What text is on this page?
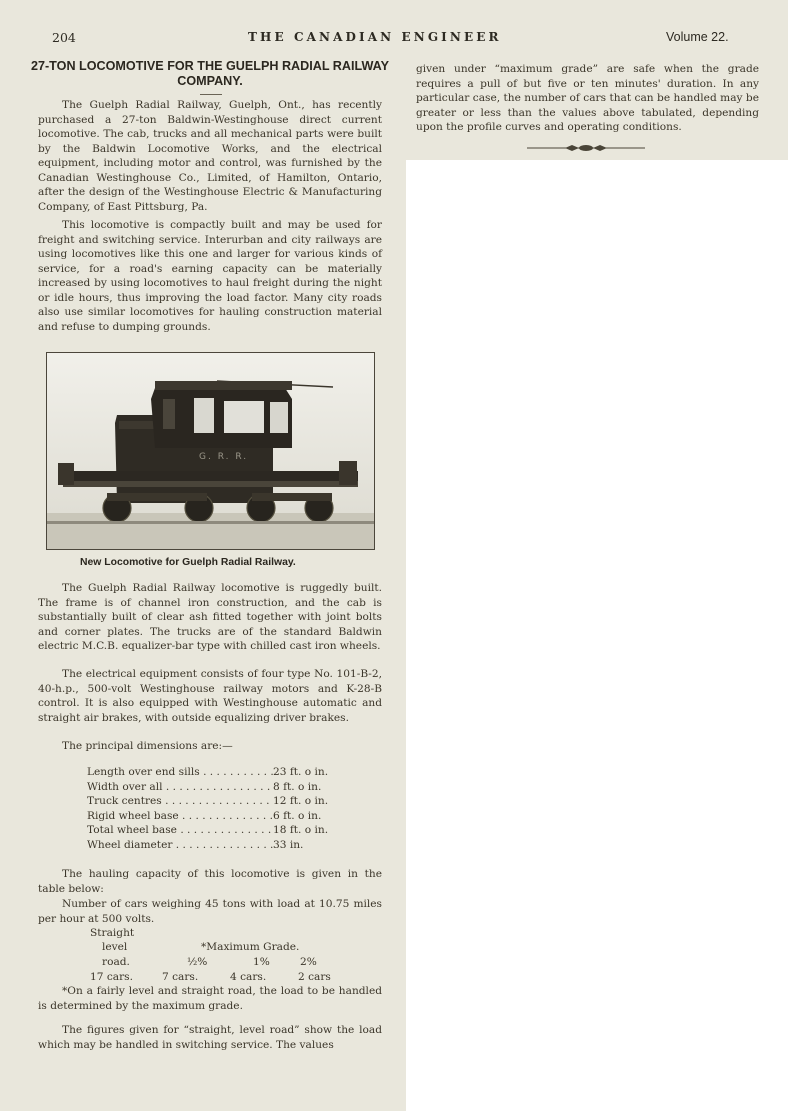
204	THE CANADIAN ENGINEER	Volume 22.
27-TON LOCOMOTIVE FOR THE GUELPH RADIAL RAILWAY COMPANY.
The Guelph Radial Railway, Guelph, Ont., has recently purchased a 27-ton Baldwin-Westinghouse direct current locomotive. The cab, trucks and all mechanical parts were built by the Baldwin Locomotive Works, and the electrical equipment, including motor and control, was furnished by the Canadian Westinghouse Co., Limited, of Hamilton, Ontario, after the design of the Westinghouse Electric & Manufacturing Company, of East Pittsburg, Pa.
This locomotive is compactly built and may be used for freight and switching service. Interurban and city railways are using locomotives like this one and larger for various kinds of service, for a road's earning capacity can be materially increased by using locomotives to haul freight during the night or idle hours, thus improving the load factor. Many city roads also use similar locomotives for hauling construction material and refuse to dumping grounds.
G. R. R.
New Locomotive for Guelph Radial Railway.
The Guelph Radial Railway locomotive is ruggedly built. The frame is of channel iron construction, and the cab is substantially built of clear ash fitted together with joint bolts and corner plates. The trucks are of the standard Baldwin electric M.C.B. equalizer-bar type with chilled cast iron wheels.
The electrical equipment consists of four type No. 101-B-2, 40-h.p., 500-volt Westinghouse railway motors and K-28-B control. It is also equipped with Westinghouse automatic and straight air brakes, with outside equalizing driver brakes.
The principal dimensions are:—
Length over end sills . . .	23 ft. o in.
Width over all . . .	8 ft. o in.
Truck centres . . .	12 ft. o in.
Rigid wheel base . . .	6 ft. o in.
Total wheel base . . .	18 ft. o in.
Wheel diameter . . .	33 in.
The hauling capacity of this locomotive is given in the table below:
Number of cars weighing 45 tons with load at 10.75 miles per hour at 500 volts.
Straight
level	*Maximum Grade.
road.	½%	1%	2%
17 cars.	7 cars.	4 cars.	2 cars
*On a fairly level and straight road, the load to be handled is determined by the maximum grade.
The figures given for “straight, level road” show the load which may be handled in switching service. The values
given under “maximum grade” are safe when the grade requires a pull of but five or ten minutes' duration. In any particular case, the number of cars that can be handled may be greater or less than the values above tabulated, depending upon the profile curves and operating conditions.
